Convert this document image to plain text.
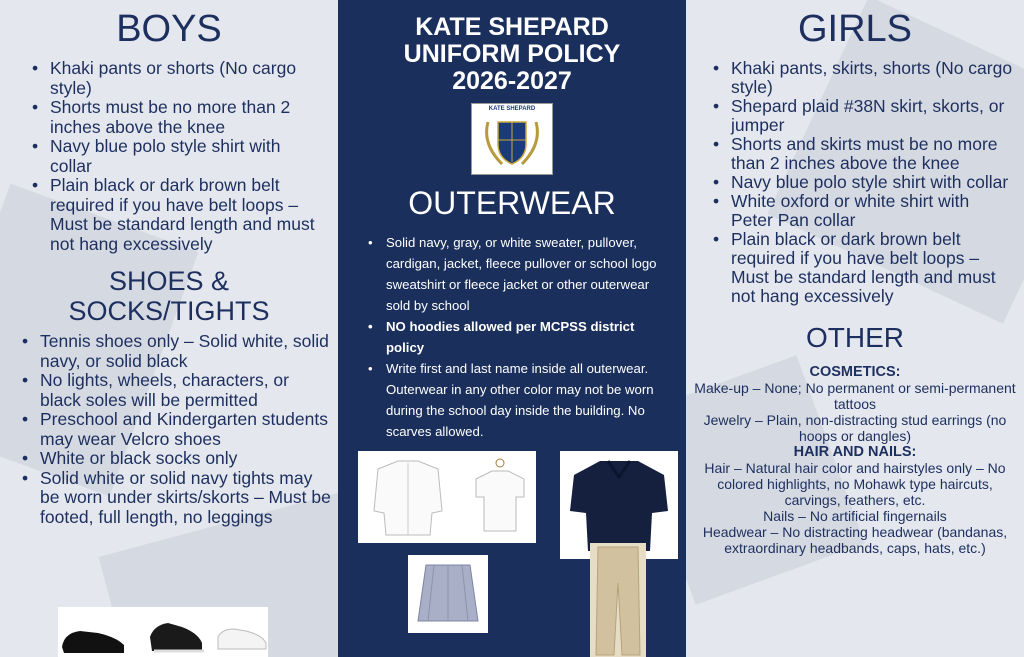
BOYS
• Khaki pants or shorts (No cargo style)
• Shorts must be no more than 2 inches above the knee
• Navy blue polo style shirt with collar
• Plain black or dark brown belt required if you have belt loops – Must be standard length and must not hang excessively
SHOES &
SOCKS/TIGHTS
• Tennis shoes only – Solid white, solid navy, or solid black
• No lights, wheels, characters, or black soles will be permitted
• Preschool and Kindergarten students may wear Velcro shoes
• White or black socks only
• Solid white or solid navy tights may be worn under skirts/skorts – Must be footed, full length, no leggings
KATE SHEPARD
UNIFORM POLICY
2026-2027
KATE SHEPARD
OUTERWEAR
• Solid navy, gray, or white sweater, pullover, cardigan, jacket, fleece pullover or school logo sweatshirt or fleece jacket or other outerwear sold by school
• NO hoodies allowed per MCPSS district policy
• Write first and last name inside all outerwear. Outerwear in any other color may not be worn during the school day inside the building. No scarves allowed.
GIRLS
• Khaki pants, skirts, shorts (No cargo style)
• Shepard plaid #38N skirt, skorts, or jumper
• Shorts and skirts must be no more than 2 inches above the knee
• Navy blue polo style shirt with collar
• White oxford or white shirt with Peter Pan collar
• Plain black or dark brown belt required if you have belt loops – Must be standard length and must not hang excessively
OTHER
COSMETICS:
Make-up – None; No permanent or semi-permanent tattoos
Jewelry – Plain, non-distracting stud earrings (no hoops or dangles)
HAIR AND NAILS:
Hair – Natural hair color and hairstyles only – No colored highlights, no Mohawk type haircuts, carvings, feathers, etc.
Nails – No artificial fingernails
Headwear – No distracting headwear (bandanas, extraordinary headbands, caps, hats, etc.)
